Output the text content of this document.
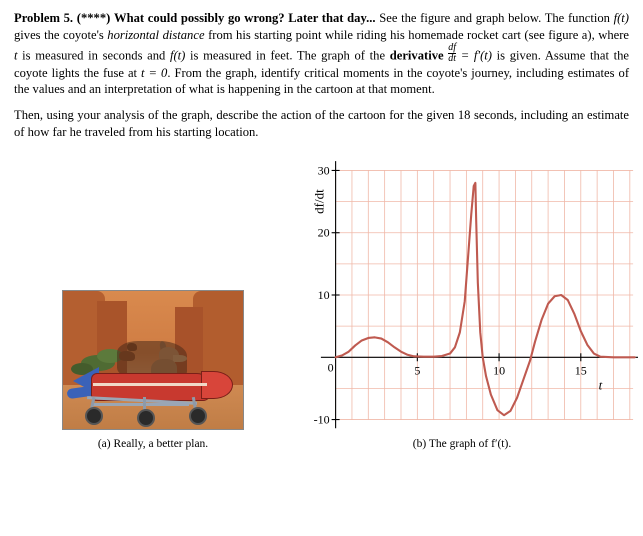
Problem 5. (****) What could possibly go wrong? Later that day... See the figure and graph below. The function f(t) gives the coyote's horizontal distance from his starting point while riding his homemade rocket cart (see figure a), where t is measured in seconds and f(t) is measured in feet. The graph of the derivative $\frac{df}{dt} = f'(t)$ is given. Assume that the coyote lights the fuse at t = 0. From the graph, identify critical moments in the coyote's journey, including estimates of the values and an interpretation of what is happening in the cartoon at that moment.

Then, using your analysis of the graph, describe the action of the cartoon for the given 18 seconds, including an estimate of how far he traveled from his starting location.

5	10	15
-10
10
20
30
0
df/dt
t
(a) Really, a better plan.	(b) The graph of f′(t).
